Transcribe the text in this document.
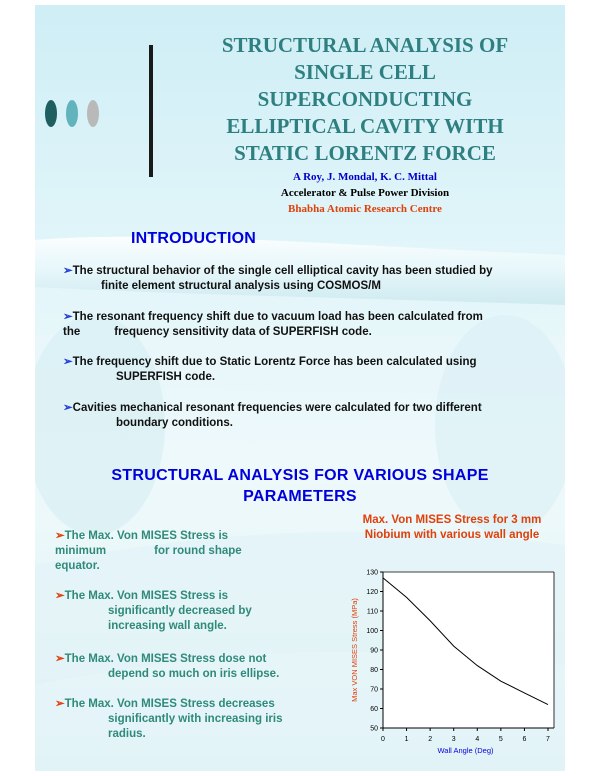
STRUCTURAL ANALYSIS OF
SINGLE CELL
SUPERCONDUCTING
ELLIPTICAL CAVITY WITH
STATIC LORENTZ FORCE
A Roy, J. Mondal, K. C. Mittal
Accelerator & Pulse Power Division
Bhabha Atomic Research Centre
INTRODUCTION
➢The structural behavior of the single cell elliptical cavity has been studied by
finite element structural analysis using COSMOS/M
➢The resonant frequency shift due to vacuum load has been calculated from
the	frequency sensitivity data of SUPERFISH code.
➢The frequency shift due to Static Lorentz Force has been calculated using
SUPERFISH code.
➢Cavities mechanical resonant frequencies were calculated for two different
boundary conditions.
STRUCTURAL ANALYSIS FOR VARIOUS SHAPE
PARAMETERS
Max. Von MISES Stress for 3 mm
Niobium with various wall angle
➢The Max. Von MISES Stress is
minimum	for round shape
equator.
➢The Max. Von MISES Stress is
significantly decreased by
increasing wall angle.
➢The Max. Von MISES Stress dose not
depend so much on iris ellipse.
➢The Max. Von MISES Stress decreases
significantly with increasing iris
radius.	0	1	2	3	4	5	6	7
50
60
70
80
90
100
110
120
130
Wall Angle (Deg)
Max VON MISES Stress (MPa)
